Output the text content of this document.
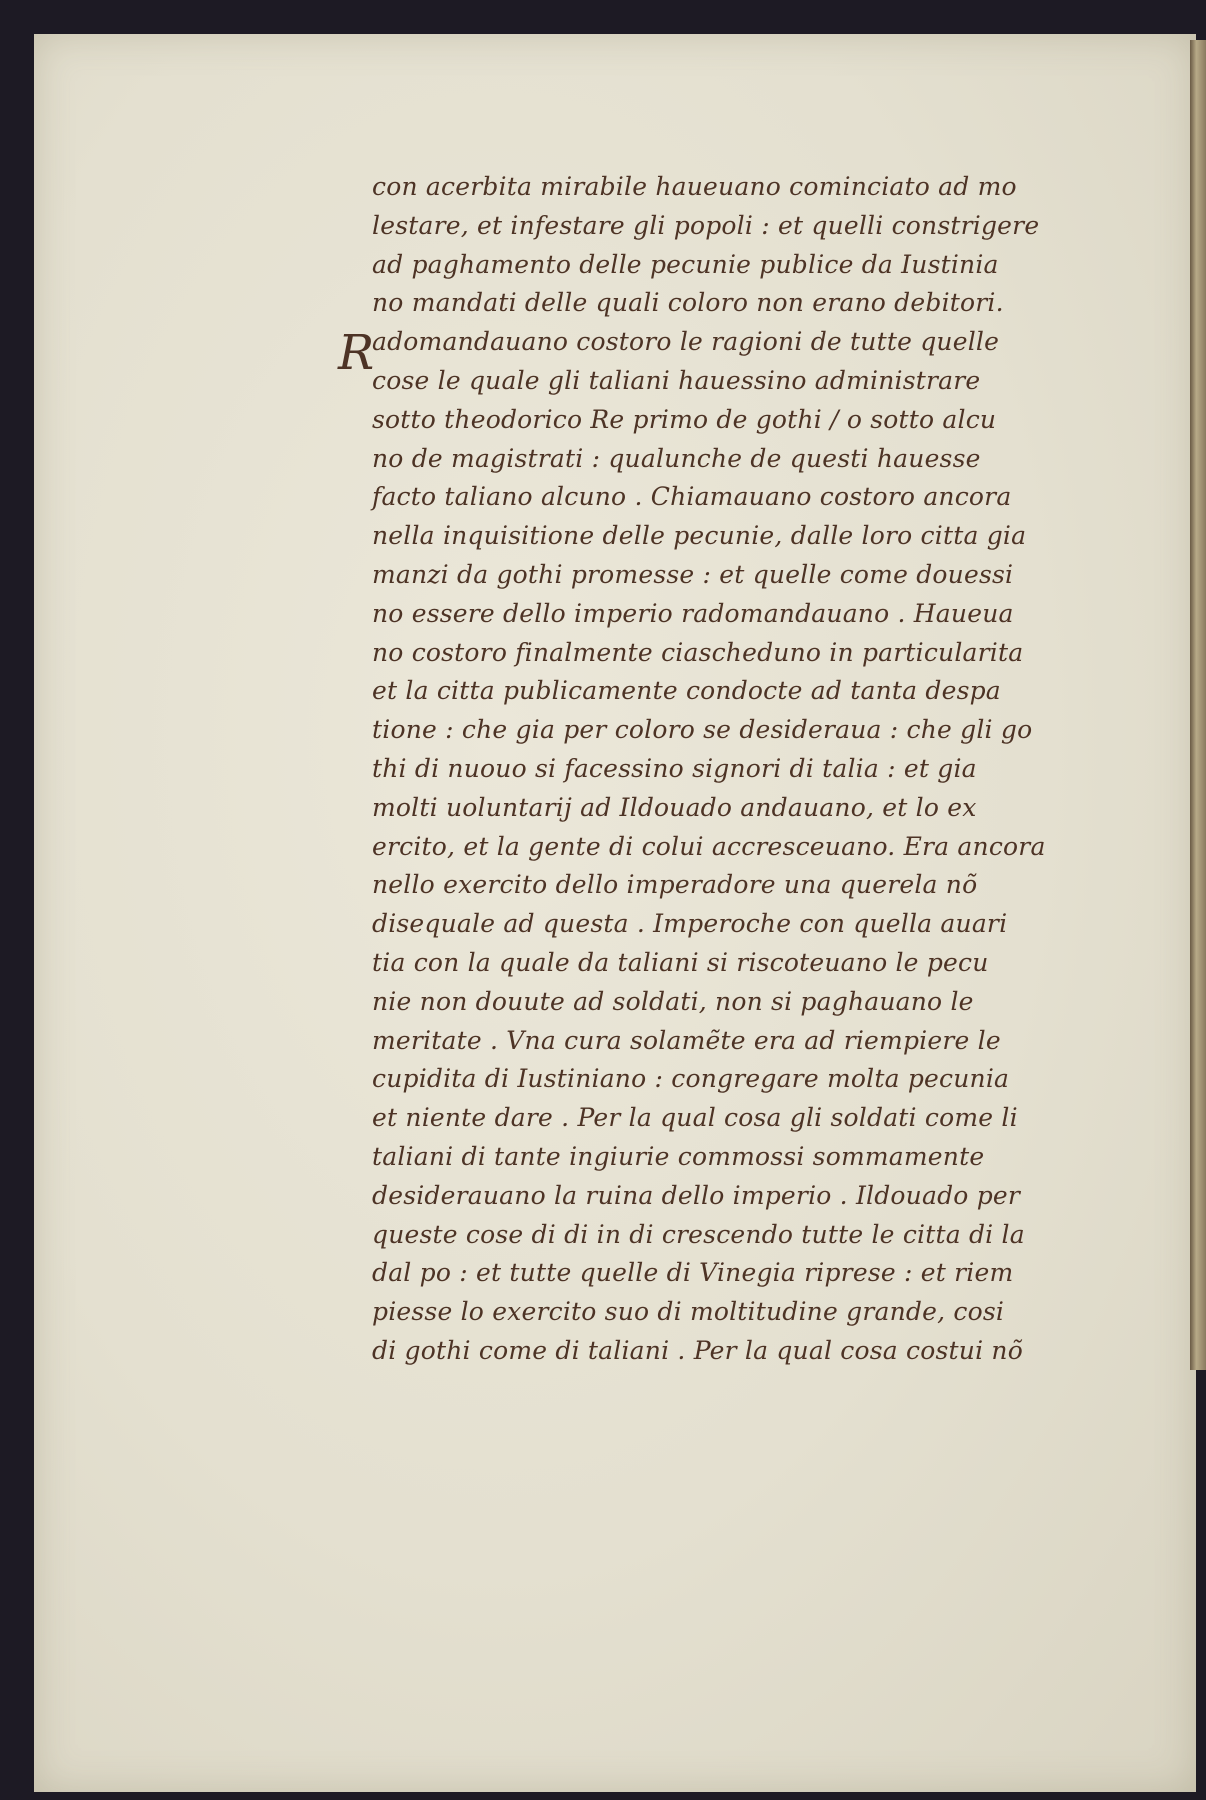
R
con acerbita mirabile haueuano cominciato ad mo
lestare, et infestare gli popoli : et quelli constrigere
ad paghamento delle pecunie publice da Iustinia
no mandati delle quali coloro non erano debitori.
adomandauano costoro le ragioni de tutte quelle
cose le quale gli taliani hauessino administrare
sotto theodorico Re primo de gothi / o sotto alcu
no de magistrati : qualunche de questi hauesse
facto taliano alcuno . Chiamauano costoro ancora
nella inquisitione delle pecunie, dalle loro citta gia
manzi da gothi promesse : et quelle come douessi
no essere dello imperio radomandauano . Haueua
no costoro finalmente ciascheduno in particularita
et la citta publicamente condocte ad tanta despa
tione : che gia per coloro se desideraua : che gli go
thi di nuouo si facessino signori di talia : et gia
molti uoluntarij ad Ildouado andauano, et lo ex
ercito, et la gente di colui accresceuano. Era ancora
nello exercito dello imperadore una querela nõ
disequale ad questa . Imperoche con quella auari
tia con la quale da taliani si riscoteuano le pecu
nie non douute ad soldati, non si paghauano le
meritate . Vna cura solamẽte era ad riempiere le
cupidita di Iustiniano : congregare molta pecunia
et niente dare . Per la qual cosa gli soldati come li
taliani di tante ingiurie commossi sommamente
desiderauano la ruina dello imperio . Ildouado per
queste cose di di in di crescendo tutte le citta di la
dal po : et tutte quelle di Vinegia riprese : et riem
piesse lo exercito suo di moltitudine grande, cosi
di gothi come di taliani . Per la qual cosa costui nõ
